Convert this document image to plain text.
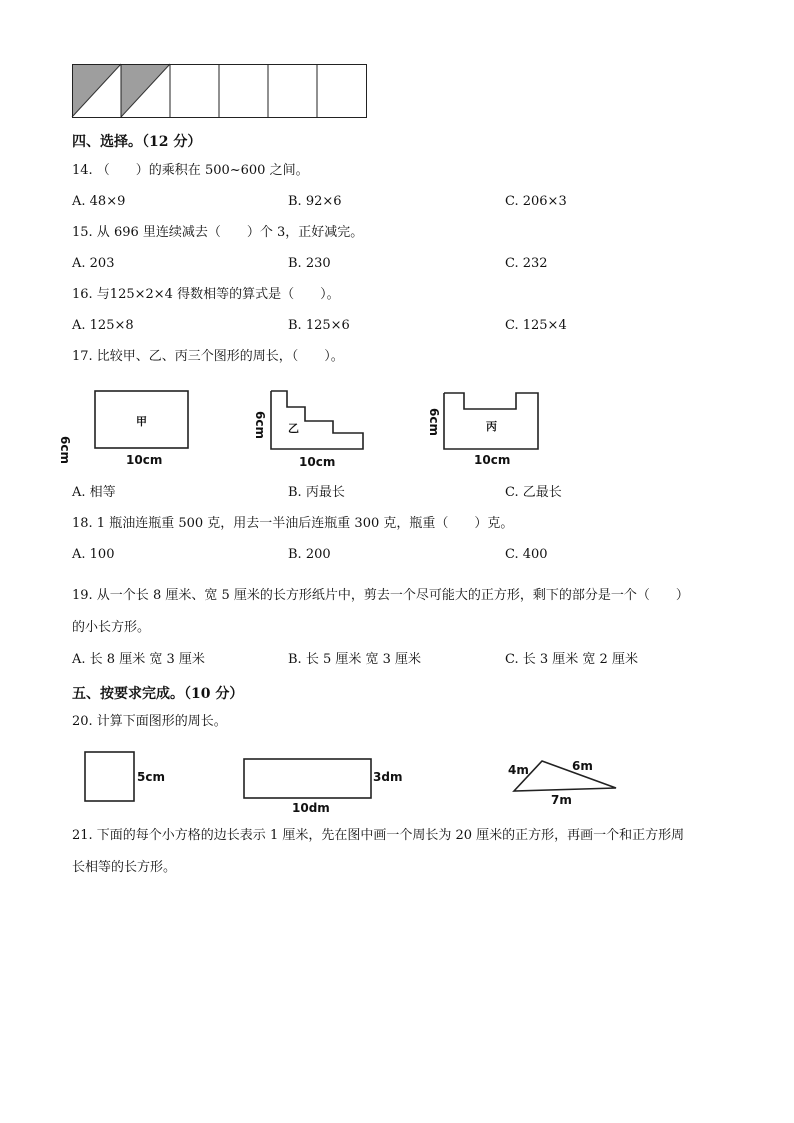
四、选择。（12 分）
14. （　　）的乘积在 500~600 之间。
A. 48×9	B. 92×6	C. 206×3
15. 从 696 里连续减去（　　）个 3，正好减完。
A. 203	B. 230	C. 232
16. 与125×2×4 得数相等的算式是（　　）。
A. 125×8	B. 125×6	C. 125×4
17. 比较甲、乙、丙三个图形的周长，（　　）。
甲
6cm	10cm
乙
6cm
10cm
丙
6cm
10cm
A. 相等	B. 丙最长	C. 乙最长
18. 1 瓶油连瓶重 500 克，用去一半油后连瓶重 300 克，瓶重（　　）克。
A. 100	B. 200	C. 400
19. 从一个长 8 厘米、宽 5 厘米的长方形纸片中，剪去一个尽可能大的正方形，剩下的部分是一个（　　）
的小长方形。
A. 长 8 厘米 宽 3 厘米	B. 长 5 厘米 宽 3 厘米	C. 长 3 厘米 宽 2 厘米
五、按要求完成。（10 分）
20. 计算下面图形的周长。
5cm	3dm
10dm
4m	6m
7m
21. 下面的每个小方格的边长表示 1 厘米，先在图中画一个周长为 20 厘米的正方形，再画一个和正方形周
长相等的长方形。
